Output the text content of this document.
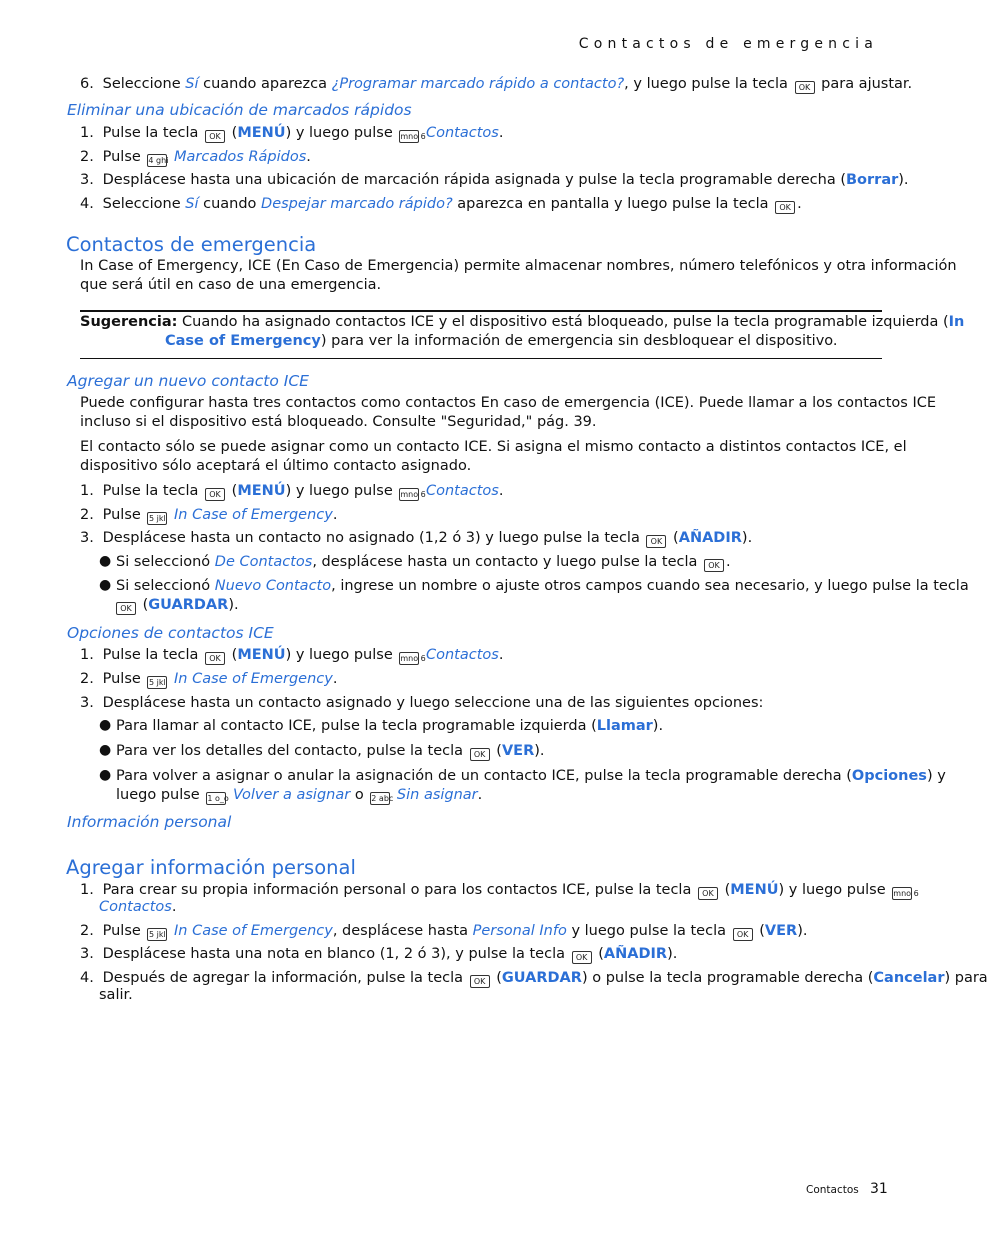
Contactos de emergencia
6. Seleccione Sí cuando aparezca ¿Programar marcado rápido a contacto?, y luego pulse la tecla OK para ajustar.
Eliminar una ubicación de marcados rápidos
1. Pulse la tecla OK (MENÚ) y luego pulse mno 6 Contactos.
2. Pulse 4 ghi Marcados Rápidos.
3. Desplácese hasta una ubicación de marcación rápida asignada y pulse la tecla programable derecha (Borrar).
4. Seleccione Sí cuando Despejar marcado rápido? aparezca en pantalla y luego pulse la tecla OK .
Contactos de emergencia
In Case of Emergency, ICE (En Caso de Emergencia) permite almacenar nombres, número telefónicos y otra información
que será útil en caso de una emergencia.
Sugerencia: Cuando ha asignado contactos ICE y el dispositivo está bloqueado, pulse la tecla programable izquierda (In
Case of Emergency) para ver la información de emergencia sin desbloquear el dispositivo.
Agregar un nuevo contacto ICE
Puede configurar hasta tres contactos como contactos En caso de emergencia (ICE). Puede llamar a los contactos ICE
incluso si el dispositivo está bloqueado. Consulte "Seguridad," pág. 39.
El contacto sólo se puede asignar como un contacto ICE. Si asigna el mismo contacto a distintos contactos ICE, el
dispositivo sólo aceptará el último contacto asignado.
1. Pulse la tecla OK (MENÚ) y luego pulse mno 6 Contactos.
2. Pulse 5 jkl In Case of Emergency.
3. Desplácese hasta un contacto no asignado (1,2 ó 3) y luego pulse la tecla OK (AÑADIR).
● Si seleccionó De Contactos, desplácese hasta un contacto y luego pulse la tecla OK .
● Si seleccionó Nuevo Contacto, ingrese un nombre o ajuste otros campos cuando sea necesario, y luego pulse la tecla
OK (GUARDAR).
Opciones de contactos ICE
1. Pulse la tecla OK (MENÚ) y luego pulse mno 6 Contactos.
2. Pulse 5 jkl In Case of Emergency.
3. Desplácese hasta un contacto asignado y luego seleccione una de las siguientes opciones:
● Para llamar al contacto ICE, pulse la tecla programable izquierda (Llamar).
● Para ver los detalles del contacto, pulse la tecla OK (VER).
● Para volver a asignar o anular la asignación de un contacto ICE, pulse la tecla programable derecha (Opciones) y
luego pulse 1 o_o Volver a asignar o 2 abc Sin asignar.
Información personal
Agregar información personal
1. Para crear su propia información personal o para los contactos ICE, pulse la tecla OK (MENÚ) y luego pulse mno 6
Contactos.
2. Pulse 5 jkl In Case of Emergency, desplácese hasta Personal Info y luego pulse la tecla OK (VER).
3. Desplácese hasta una nota en blanco (1, 2 ó 3), y pulse la tecla OK (AÑADIR).
4. Después de agregar la información, pulse la tecla OK (GUARDAR) o pulse la tecla programable derecha (Cancelar) para
salir.
Contactos 31
